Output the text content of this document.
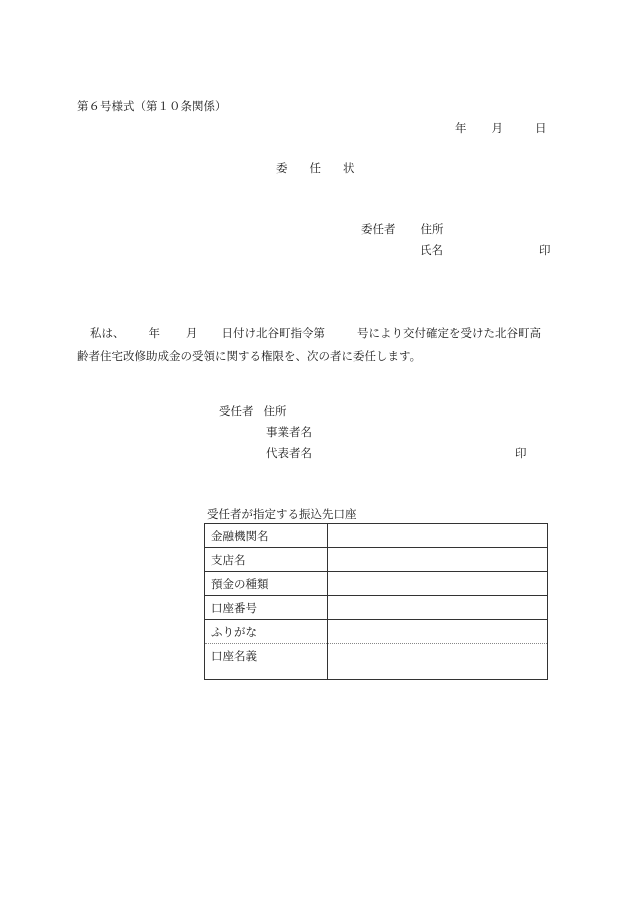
第６号様式（第１０条関係）
年 月	日
委 任 状
委任者 住所
氏名	印
私は、 年 月 日付け北谷町指令第	号により交付確定を受けた北谷町高齢者住宅改修助成金の受領に関する権限を、次の者に委任します。
受任者 住所
事業者名
代表者名	印
受任者が指定する振込先口座
金融機関名	
支店名	
預金の種類	
口座番号	
ふりがな	
口座名義	
